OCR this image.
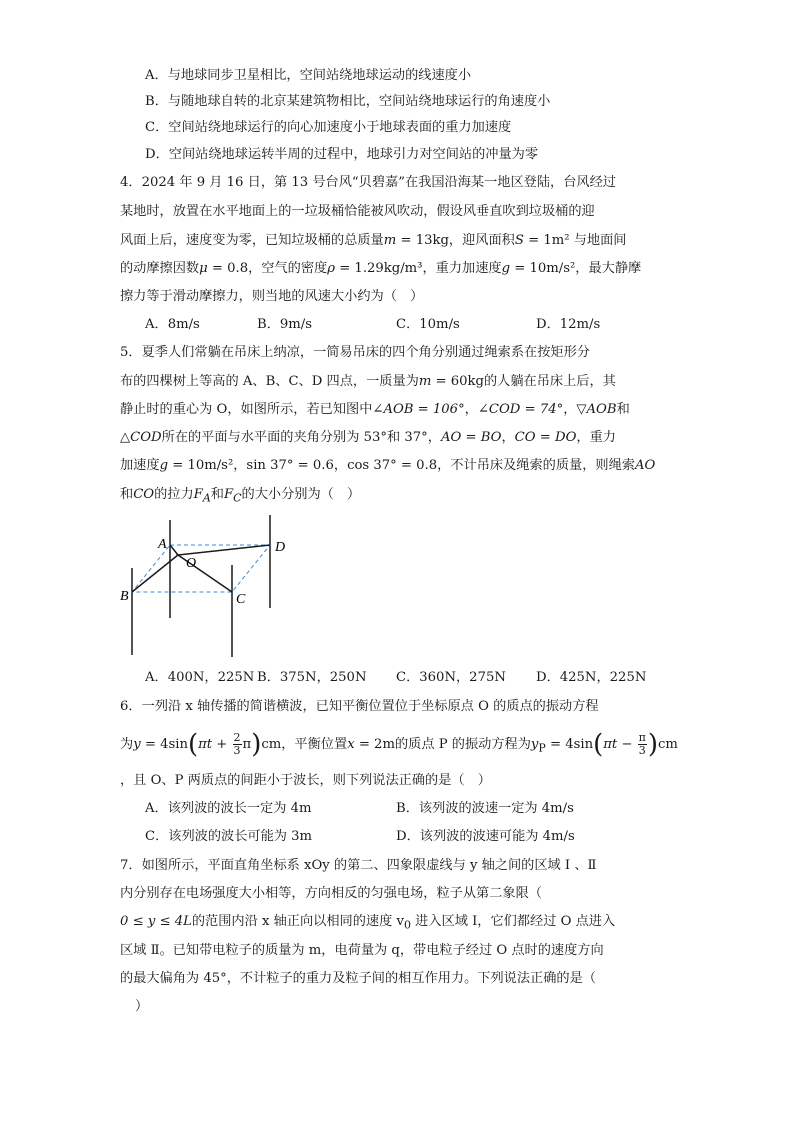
A．与地球同步卫星相比，空间站绕地球运动的线速度小
B．与随地球自转的北京某建筑物相比，空间站绕地球运行的角速度小
C．空间站绕地球运行的向心加速度小于地球表面的重力加速度
D．空间站绕地球运转半周的过程中，地球引力对空间站的冲量为零
4．2024 年 9 月 16 日，第 13 号台风“贝碧嘉”在我国沿海某一地区登陆，台风经过
某地时，放置在水平地面上的一垃圾桶恰能被风吹动，假设风垂直吹到垃圾桶的迎
风面上后，速度变为零，已知垃圾桶的总质量m = 13kg，迎风面积S = 1m² 与地面间
的动摩擦因数μ = 0.8，空气的密度ρ = 1.29kg/m³，重力加速度g = 10m/s²，最大静摩
擦力等于滑动摩擦力，则当地的风速大小约为（　）
A．8m/s	B．9m/s	C．10m/s	D．12m/s
5．夏季人们常躺在吊床上纳凉，一简易吊床的四个角分别通过绳索系在按矩形分
布的四棵树上等高的 A、B、C、D 四点，一质量为m = 60kg的人躺在吊床上后，其
静止时的重心为 O，如图所示，若已知图中∠AOB = 106°，∠COD = 74°，▽AOB和
△COD所在的平面与水平面的夹角分别为 53°和 37°，AO = BO，CO = DO，重力
加速度g = 10m/s²，sin 37° = 0.6，cos 37° = 0.8，不计吊床及绳索的质量，则绳索AO
和CO的拉力$F_A$和$F_C$的大小分别为（　）
A
B	C
D
O
A．400N，225N B．375N，250N C．360N，275N D．425N，225N
6．一列沿 x 轴传播的简谐横波，已知平衡位置位于坐标原点 O 的质点的振动方程
为$y = 4\sin(\pi t + \frac{2}{3} \pi)cm$，平衡位置x = 2m的质点 P 的振动方程为$y_P = 4\sin(\pi t - \frac{\pi}{3} )cm$
，且 O、P 两质点的间距小于波长，则下列说法正确的是（　）
A．该列波的波长一定为 4m	B．该列波的波速一定为 4m/s
C．该列波的波长可能为 3m	D．该列波的波速可能为 4m/s
7．如图所示，平面直角坐标系 xOy 的第二、四象限虚线与 y 轴之间的区域 Ⅰ 、Ⅱ
内分别存在电场强度大小相等，方向相反的匀强电场，粒子从第二象限（
0 ≤ y ≤ 4L的范围内沿 x 轴正向以相同的速度 $v_0$ 进入区域 Ⅰ，它们都经过 O 点进入
区域 Ⅱ。已知带电粒子的质量为 m，电荷量为 q，带电粒子经过 O 点时的速度方向
的最大偏角为 45°，不计粒子的重力及粒子间的相互作用力。下列说法正确的是（
）
